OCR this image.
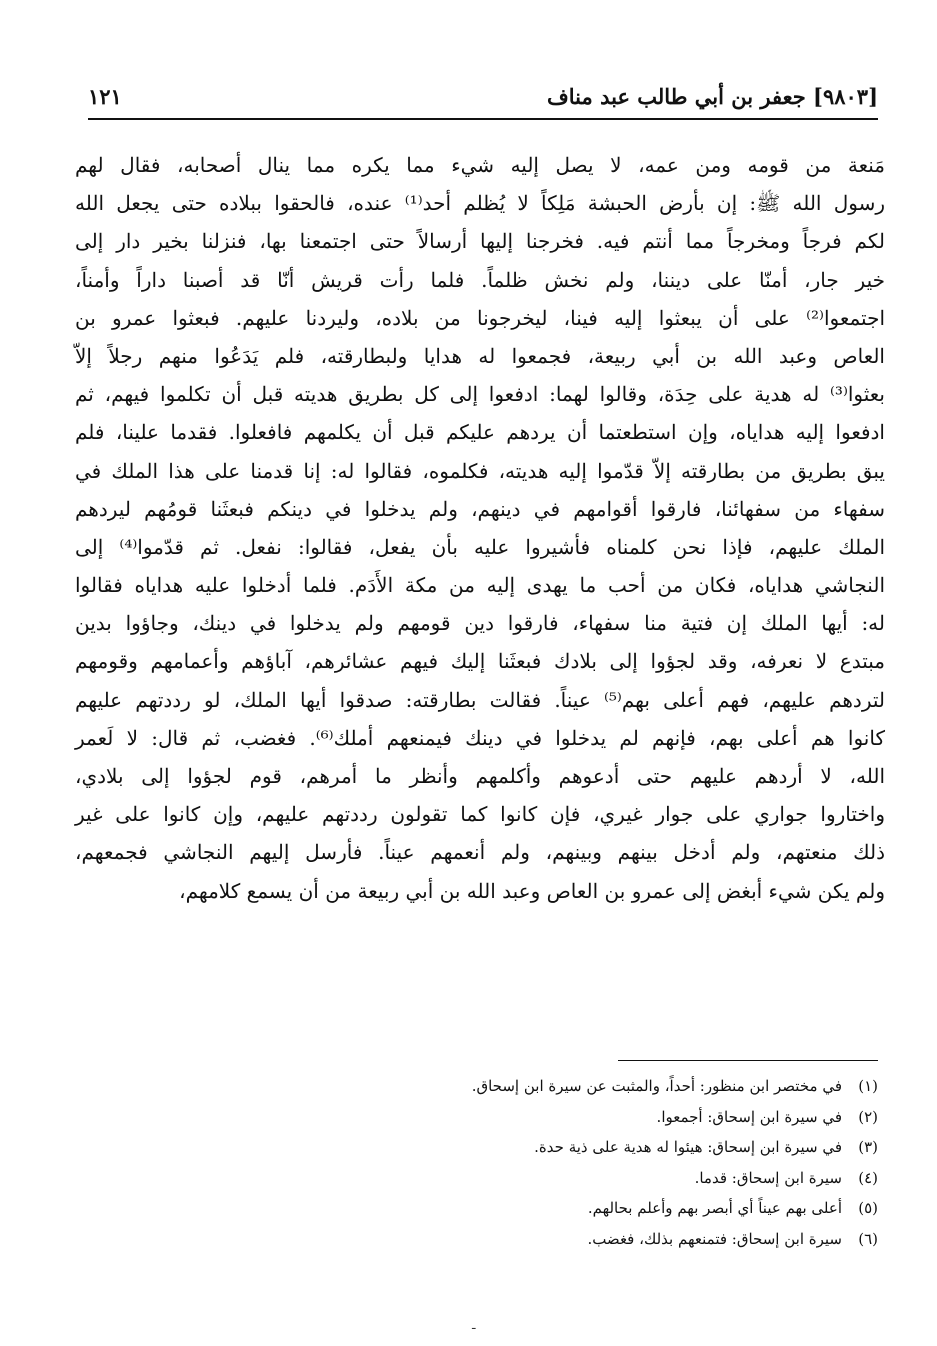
[٩٨٠٣] جعفر بن أبي طالب عبد مناف
١٢١
مَنعة من قومه ومن عمه، لا يصل إليه شيء مما يكره مما ينال أصحابه، فقال لهم
رسول الله ﷺ: إن بأرض الحبشة مَلِكاً لا يُظلم أحد⁽¹⁾ عنده، فالحقوا ببلاده حتى يجعل الله
لكم فرجاً ومخرجاً مما أنتم فيه. فخرجنا إليها أرسالاً حتى اجتمعنا بها، فنزلنا بخير دار إلى
خير جار، أمنّا على ديننا، ولم نخش ظلماً. فلما رأت قريش أنّا قد أصبنا داراً وأمناً،
اجتمعوا⁽²⁾ على أن يبعثوا إليه فينا، ليخرجونا من بلاده، وليردنا عليهم. فبعثوا عمرو بن
العاص وعبد الله بن أبي ربيعة، فجمعوا له هدايا ولبطارقته، فلم يَدَعُوا منهم رجلاً إلاّ
بعثوا⁽³⁾ له هدية على حِدَة، وقالوا لهما: ادفعوا إلى كل بطريق هديته قبل أن تكلموا فيهم، ثم
ادفعوا إليه هداياه، وإن استطعتما أن يردهم عليكم قبل أن يكلمهم فافعلوا. فقدما علينا، فلم
يبق بطريق من بطارقته إلاّ قدّموا إليه هديته، فكلموه، فقالوا له: إنا قدمنا على هذا الملك في
سفهاء من سفهائنا، فارقوا أقوامهم في دينهم، ولم يدخلوا في دينكم فبعثَنا قومُهم ليردهم
الملك عليهم، فإذا نحن كلمناه فأشيروا عليه بأن يفعل، فقالوا: نفعل. ثم قدّموا⁽⁴⁾ إلى
النجاشي هداياه، فكان من أحب ما يهدى إليه من مكة الأَدَم. فلما أدخلوا عليه هداياه فقالوا
له: أيها الملك إن فتية منا سفهاء، فارقوا دين قومهم ولم يدخلوا في دينك، وجاؤوا بدين
مبتدع لا نعرفه، وقد لجؤوا إلى بلادك فبعثَنا إليك فيهم عشائرهم، آباؤهم وأعمامهم وقومهم
لتردهم عليهم، فهم أعلى بهم⁽⁵⁾ عيناً. فقالت بطارقته: صدقوا أيها الملك، لو رددتهم عليهم
كانوا هم أعلى بهم، فإنهم لم يدخلوا في دينك فيمنعهم أملك⁽⁶⁾. فغضب، ثم قال: لا لَعمر
الله، لا أردهم عليهم حتى أدعوهم وأكلمهم وأنظر ما أمرهم، قوم لجؤوا إلى بلادي،
واختاروا جواري على جوار غيري، فإن كانوا كما تقولون رددتهم عليهم، وإن كانوا على غير
ذلك منعتهم، ولم أدخل بينهم وبينهم، ولم أنعمهم عيناً. فأرسل إليهم النجاشي فجمعهم،
ولم يكن شيء أبغض إلى عمرو بن العاص وعبد الله بن أبي ربيعة من أن يسمع كلامهم،
(١)في مختصر ابن منظور: أحداً، والمثبت عن سيرة ابن إسحاق.
(٢)في سيرة ابن إسحاق: أجمعوا.
(٣)في سيرة ابن إسحاق: هيئوا له هدية على ذية حدة.
(٤)سيرة ابن إسحاق: قدما.
(٥)أعلى بهم عيناً أي أبصر بهم وأعلم بحالهم.
(٦)سيرة ابن إسحاق: فتمنعهم بذلك، فغضب.
ـ
